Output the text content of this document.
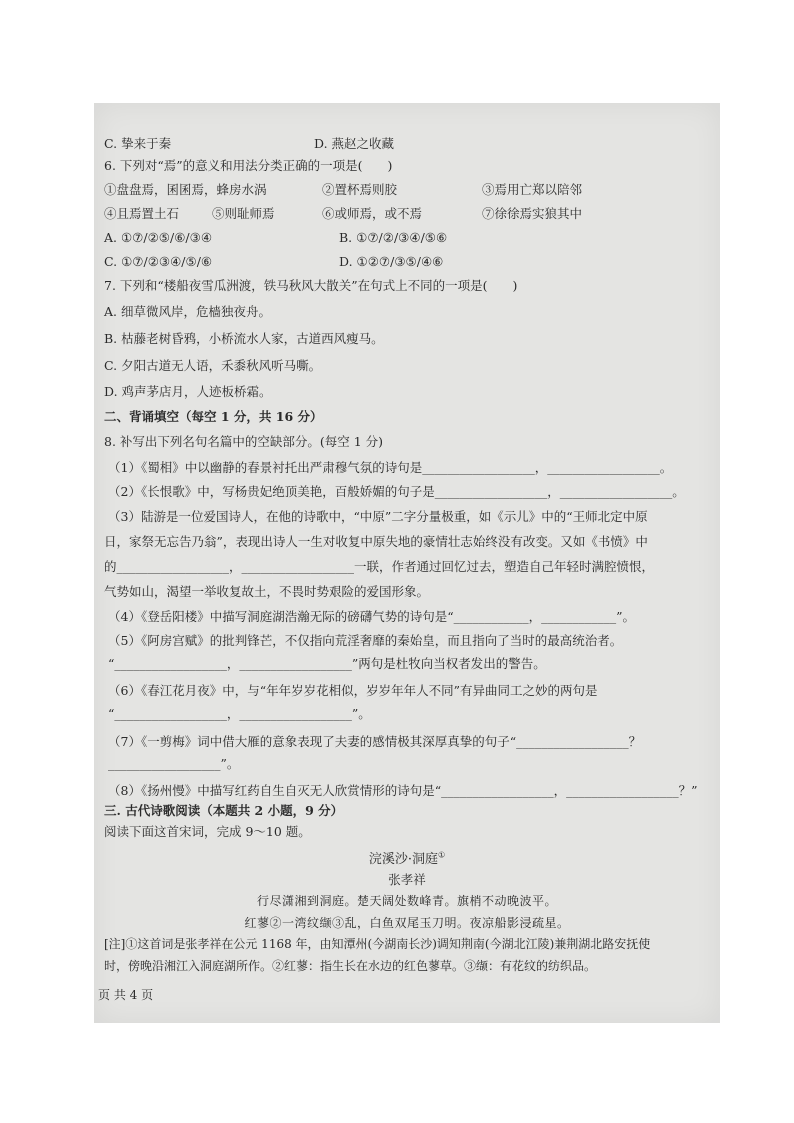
C. 挚来于秦	D. 燕赵之收藏
6. 下列对“焉”的意义和用法分类正确的一项是(　　)
①盘盘焉，囷囷焉，蜂房水涡	②置杯焉则胶	③焉用亡郑以陪邻
④且焉置土石	⑤则耻师焉	⑥或师焉，或不焉	⑦徐徐焉实狼其中
A. ①⑦/②⑤/⑥/③④	B. ①⑦/②/③④/⑤⑥
C. ①⑦/②③④/⑤/⑥	D. ①②⑦/③⑤/④⑥
7. 下列和“楼船夜雪瓜洲渡，铁马秋风大散关”在句式上不同的一项是(　　)
A. 细草微风岸，危樯独夜舟。
B. 枯藤老树昏鸦，小桥流水人家，古道西风瘦马。
C. 夕阳古道无人语，禾黍秋风听马嘶。
D. 鸡声茅店月，人迹板桥霜。
二、背诵填空（每空 1 分，共 16 分）
8. 补写出下列名句名篇中的空缺部分。(每空 1 分)
（1）《蜀相》中以幽静的春景衬托出严肃穆气氛的诗句是__________________，__________________。
（2）《长恨歌》中，写杨贵妃绝顶美艳，百般娇媚的句子是__________________，__________________。
（3）陆游是一位爱国诗人，在他的诗歌中，“中原”二字分量极重，如《示儿》中的“王师北定中原
日，家祭无忘告乃翁”，表现出诗人一生对收复中原失地的豪情壮志始终没有改变。又如《书愤》中
的__________________，__________________一联，作者通过回忆过去，塑造自己年轻时满腔愤恨，
气势如山，渴望一举收复故土，不畏时势艰险的爱国形象。
（4）《登岳阳楼》中描写洞庭湖浩瀚无际的磅礴气势的诗句是“____________，____________”。
（5）《阿房宫赋》的批判锋芒，不仅指向荒淫奢靡的秦始皇，而且指向了当时的最高统治者。
“__________________，__________________”两句是杜牧向当权者发出的警告。
（6）《春江花月夜》中，与“年年岁岁花相似，岁岁年年人不同”有异曲同工之妙的两句是
“__________________，__________________”。
（7）《一剪梅》词中借大雁的意象表现了夫妻的感情极其深厚真挚的句子“__________________？
__________________”。
（8）《扬州慢》中描写红药自生自灭无人欣赏情形的诗句是“__________________，__________________？”
三. 古代诗歌阅读（本题共 2 小题，9 分）
阅读下面这首宋词，完成 9～10 题。
浣溪沙·洞庭①
张孝祥
行尽潇湘到洞庭。楚天阔处数峰青。旗梢不动晚波平。
红蓼②一湾纹缬③乱，白鱼双尾玉刀明。夜凉船影浸疏星。
[注]①这首词是张孝祥在公元 1168 年，由知潭州(今湖南长沙)调知荆南(今湖北江陵)兼荆湖北路安抚使
时，傍晚沿湘江入洞庭湖所作。②红蓼：指生长在水边的红色蓼草。③缬：有花纹的纺织品。
页 共 4 页
